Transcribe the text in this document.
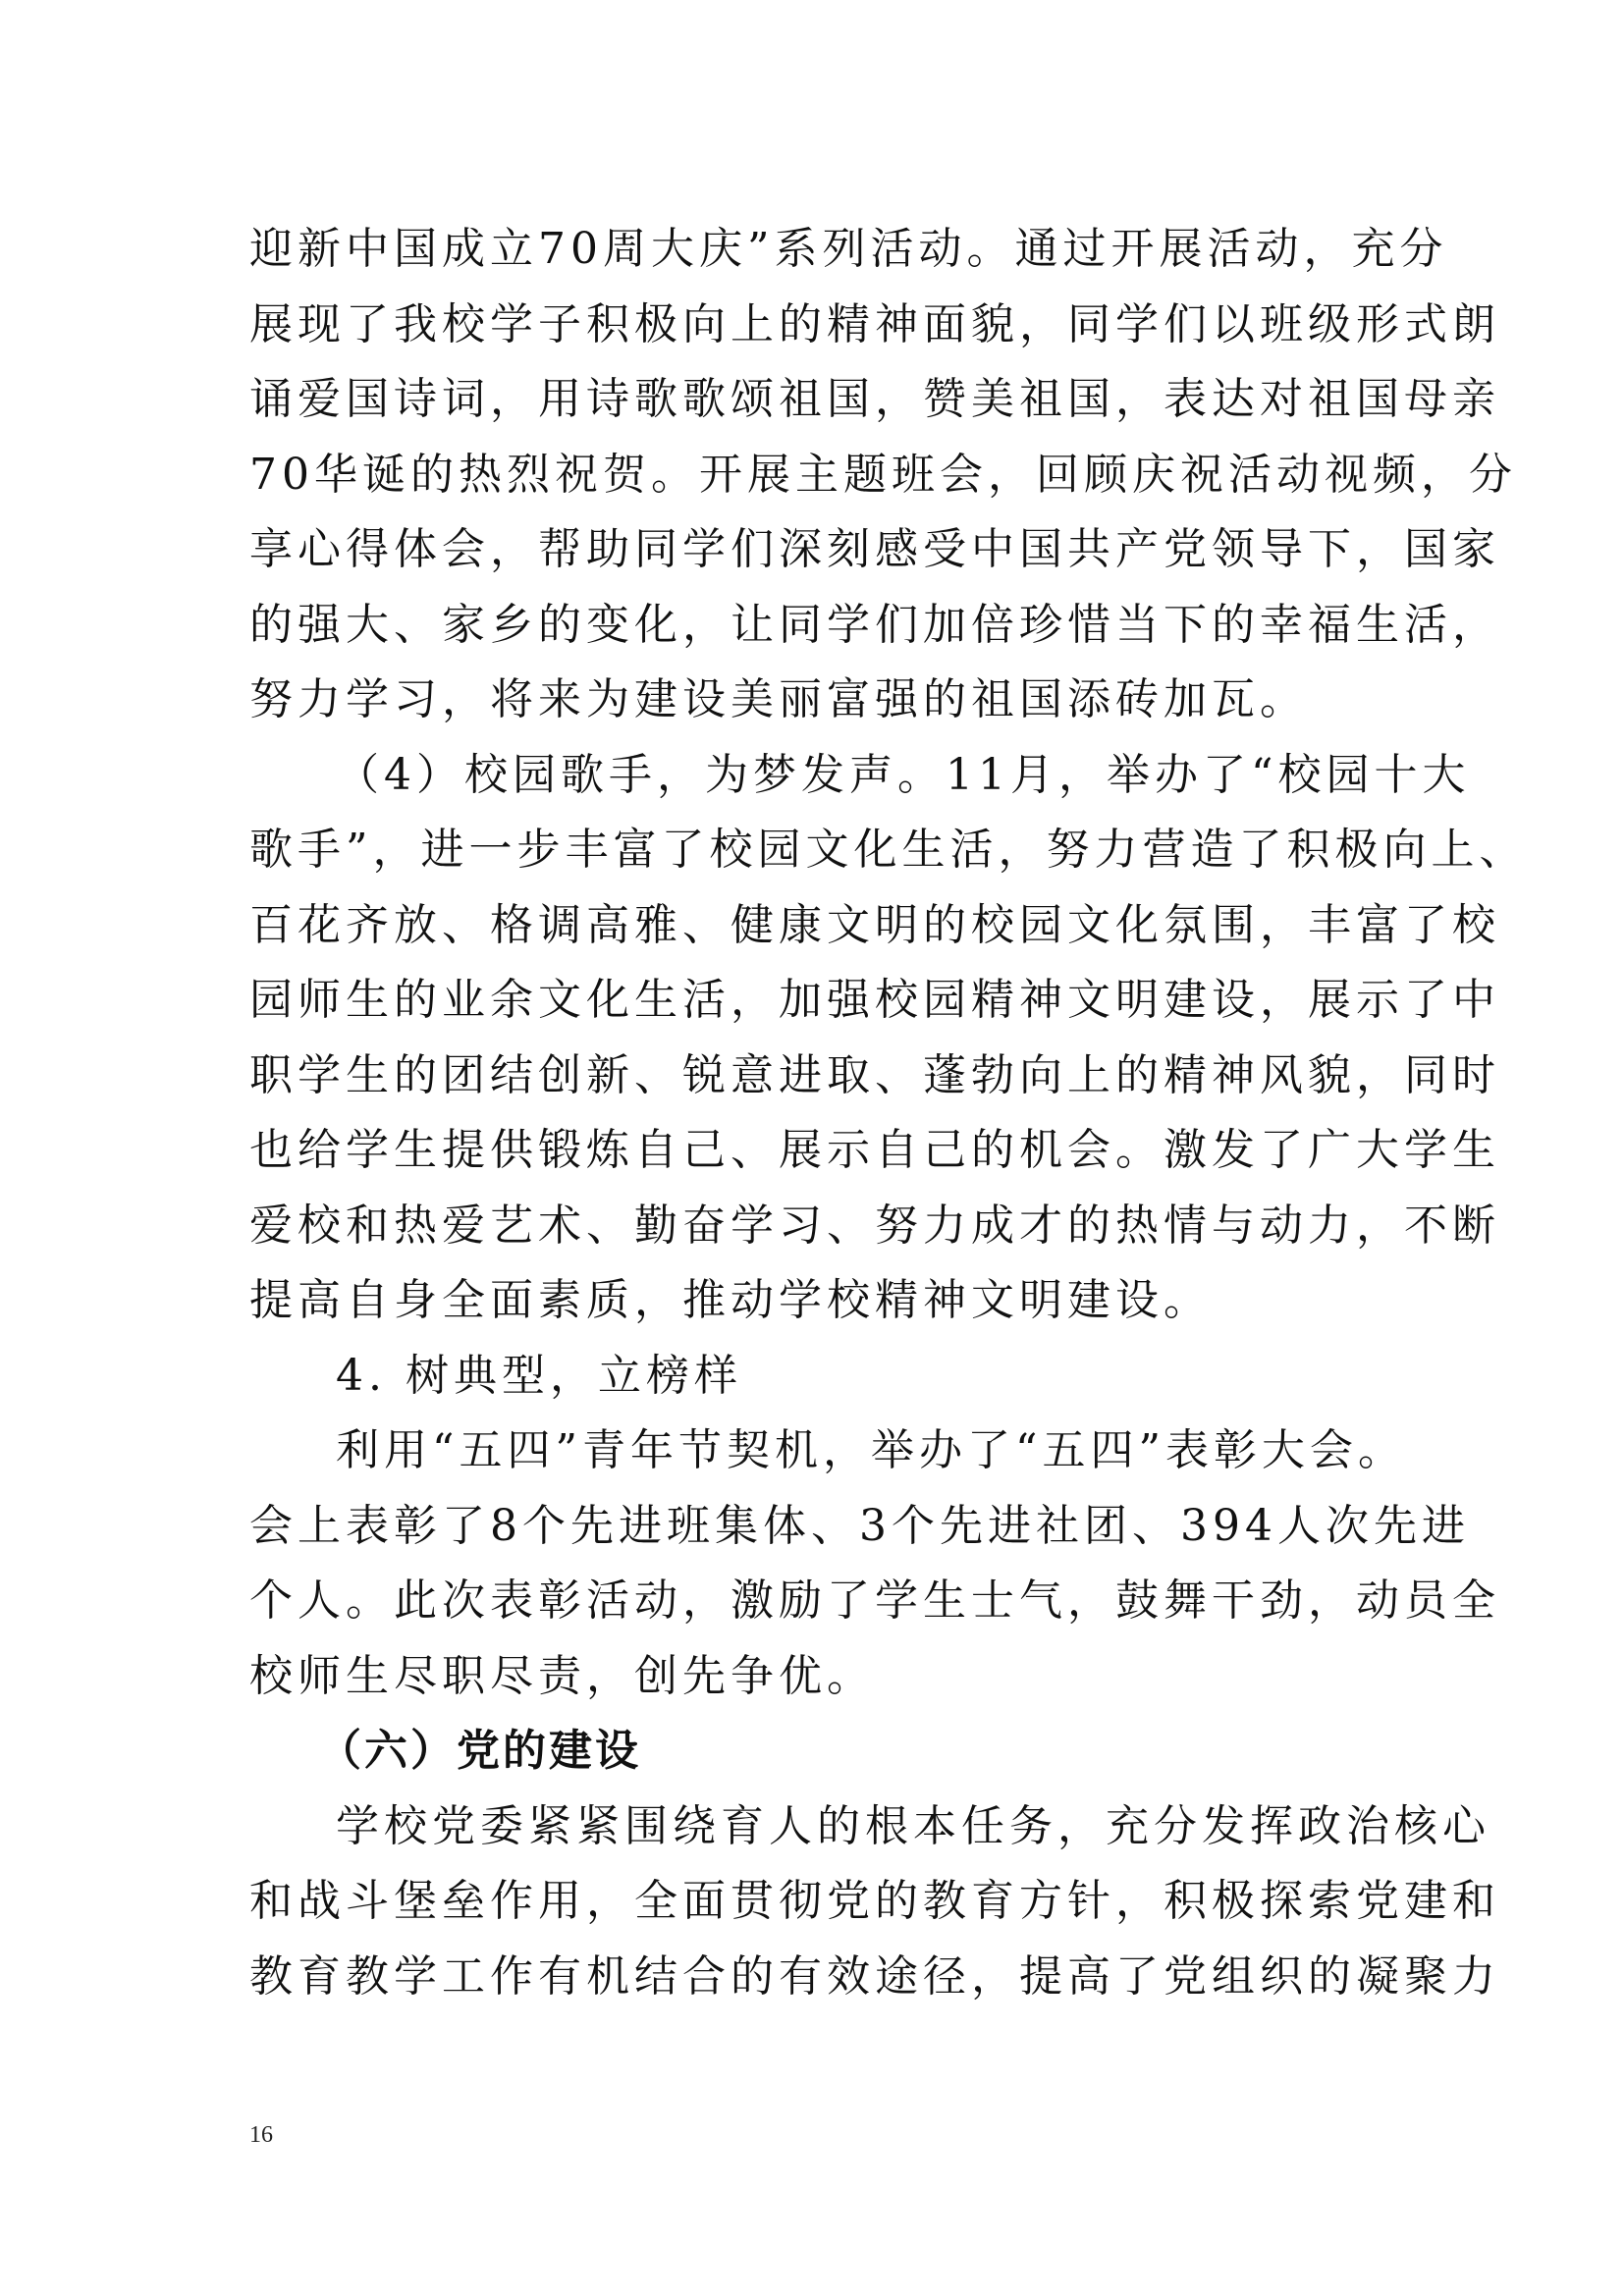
迎新中国成立70周大庆”系列活动。通过开展活动，充分
展现了我校学子积极向上的精神面貌，同学们以班级形式朗
诵爱国诗词，用诗歌歌颂祖国，赞美祖国，表达对祖国母亲
70华诞的热烈祝贺。开展主题班会，回顾庆祝活动视频，分
享心得体会，帮助同学们深刻感受中国共产党领导下，国家
的强大、家乡的变化，让同学们加倍珍惜当下的幸福生活，
努力学习，将来为建设美丽富强的祖国添砖加瓦。
（4）校园歌手，为梦发声。11月，举办了“校园十大
歌手”，进一步丰富了校园文化生活，努力营造了积极向上、
百花齐放、格调高雅、健康文明的校园文化氛围，丰富了校
园师生的业余文化生活，加强校园精神文明建设，展示了中
职学生的团结创新、锐意进取、蓬勃向上的精神风貌，同时
也给学生提供锻炼自己、展示自己的机会。激发了广大学生
爱校和热爱艺术、勤奋学习、努力成才的热情与动力，不断
提高自身全面素质，推动学校精神文明建设。
4. 树典型，立榜样
利用“五四”青年节契机，举办了“五四”表彰大会。
会上表彰了8个先进班集体、3个先进社团、394人次先进
个人。此次表彰活动，激励了学生士气，鼓舞干劲，动员全
校师生尽职尽责，创先争优。
（六）党的建设
学校党委紧紧围绕育人的根本任务，充分发挥政治核心
和战斗堡垒作用，全面贯彻党的教育方针，积极探索党建和
教育教学工作有机结合的有效途径，提高了党组织的凝聚力
16
